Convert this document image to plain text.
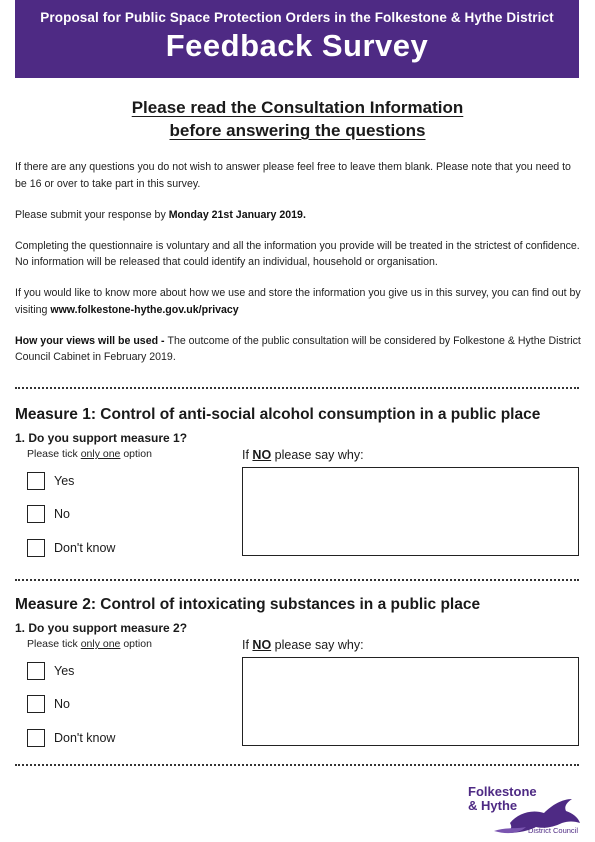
Proposal for Public Space Protection Orders in the Folkestone & Hythe District
Feedback Survey
Please read the Consultation Information
before answering the questions

If there are any questions you do not wish to answer please feel free to leave them blank. Please note that you need to be 16 or over to take part in this survey.

Please submit your response by Monday 21st January 2019.

Completing the questionnaire is voluntary and all the information you provide will be treated in the strictest of confidence. No information will be released that could identify an individual, household or organisation.

If you would like to know more about how we use and store the information you give us in this survey, you can find out by visiting www.folkestone-hythe.gov.uk/privacy

How your views will be used - The outcome of the public consultation will be considered by Folkestone & Hythe District Council Cabinet in February 2019.

Measure 1: Control of anti-social alcohol consumption in a public place
1. Do you support measure 1?
Please tick only one option
Yes
No
Don't know
If NO please say why:
Measure 2: Control of intoxicating substances in a public place
1. Do you support measure 2?
Please tick only one option
Yes
No
Don't know
If NO please say why:
Folkestone
& Hythe
District Council
